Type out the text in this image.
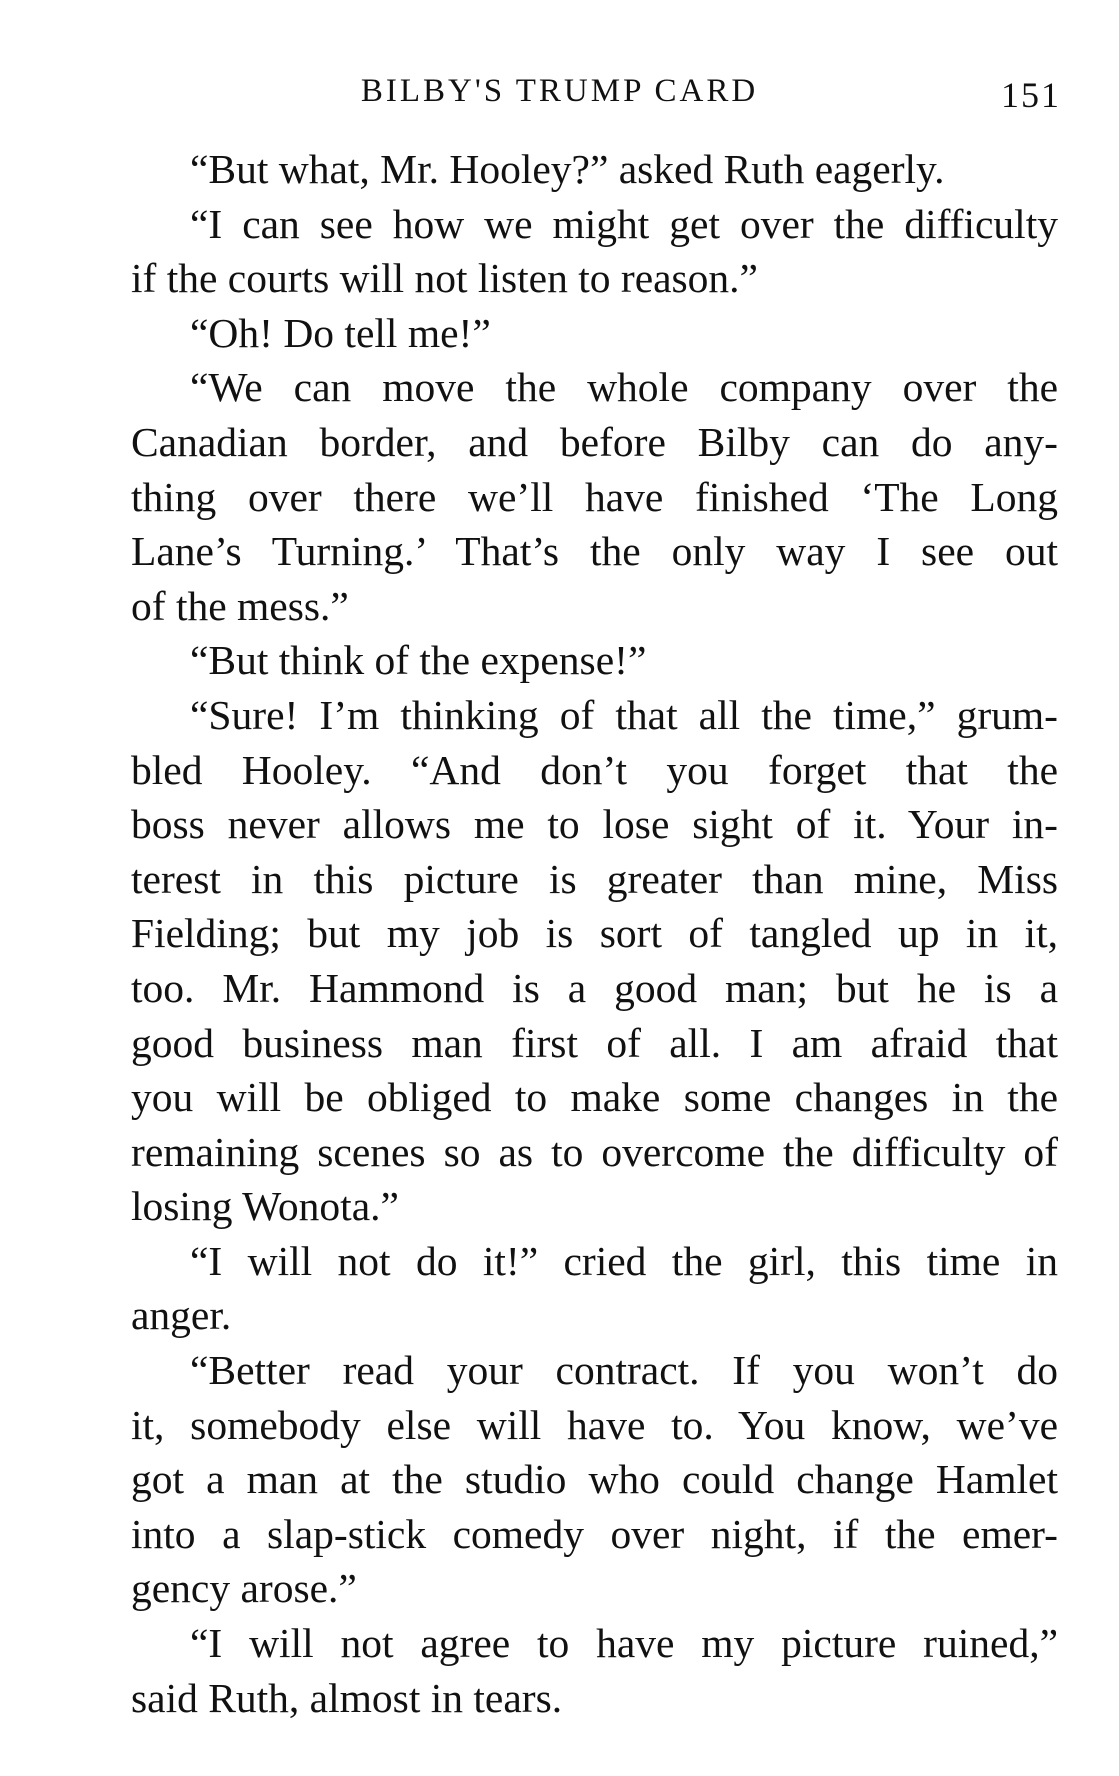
BILBY'S TRUMP CARD	151
“But what, Mr. Hooley?” asked Ruth eagerly.
“I can see how we might get over the difficulty
if the courts will not listen to reason.”
“Oh! Do tell me!”
“We can move the whole company over the
Canadian border, and before Bilby can do any-
thing over there we’ll have finished ‘The Long
Lane’s Turning.’ That’s the only way I see out
of the mess.”
“But think of the expense!”
“Sure! I’m thinking of that all the time,” grum-
bled Hooley. “And don’t you forget that the
boss never allows me to lose sight of it. Your in-
terest in this picture is greater than mine, Miss
Fielding; but my job is sort of tangled up in it,
too. Mr. Hammond is a good man; but he is a
good business man first of all. I am afraid that
you will be obliged to make some changes in the
remaining scenes so as to overcome the difficulty of
losing Wonota.”
“I will not do it!” cried the girl, this time in
anger.
“Better read your contract. If you won’t do
it, somebody else will have to. You know, we’ve
got a man at the studio who could change Hamlet
into a slap-stick comedy over night, if the emer-
gency arose.”
“I will not agree to have my picture ruined,”
said Ruth, almost in tears.
